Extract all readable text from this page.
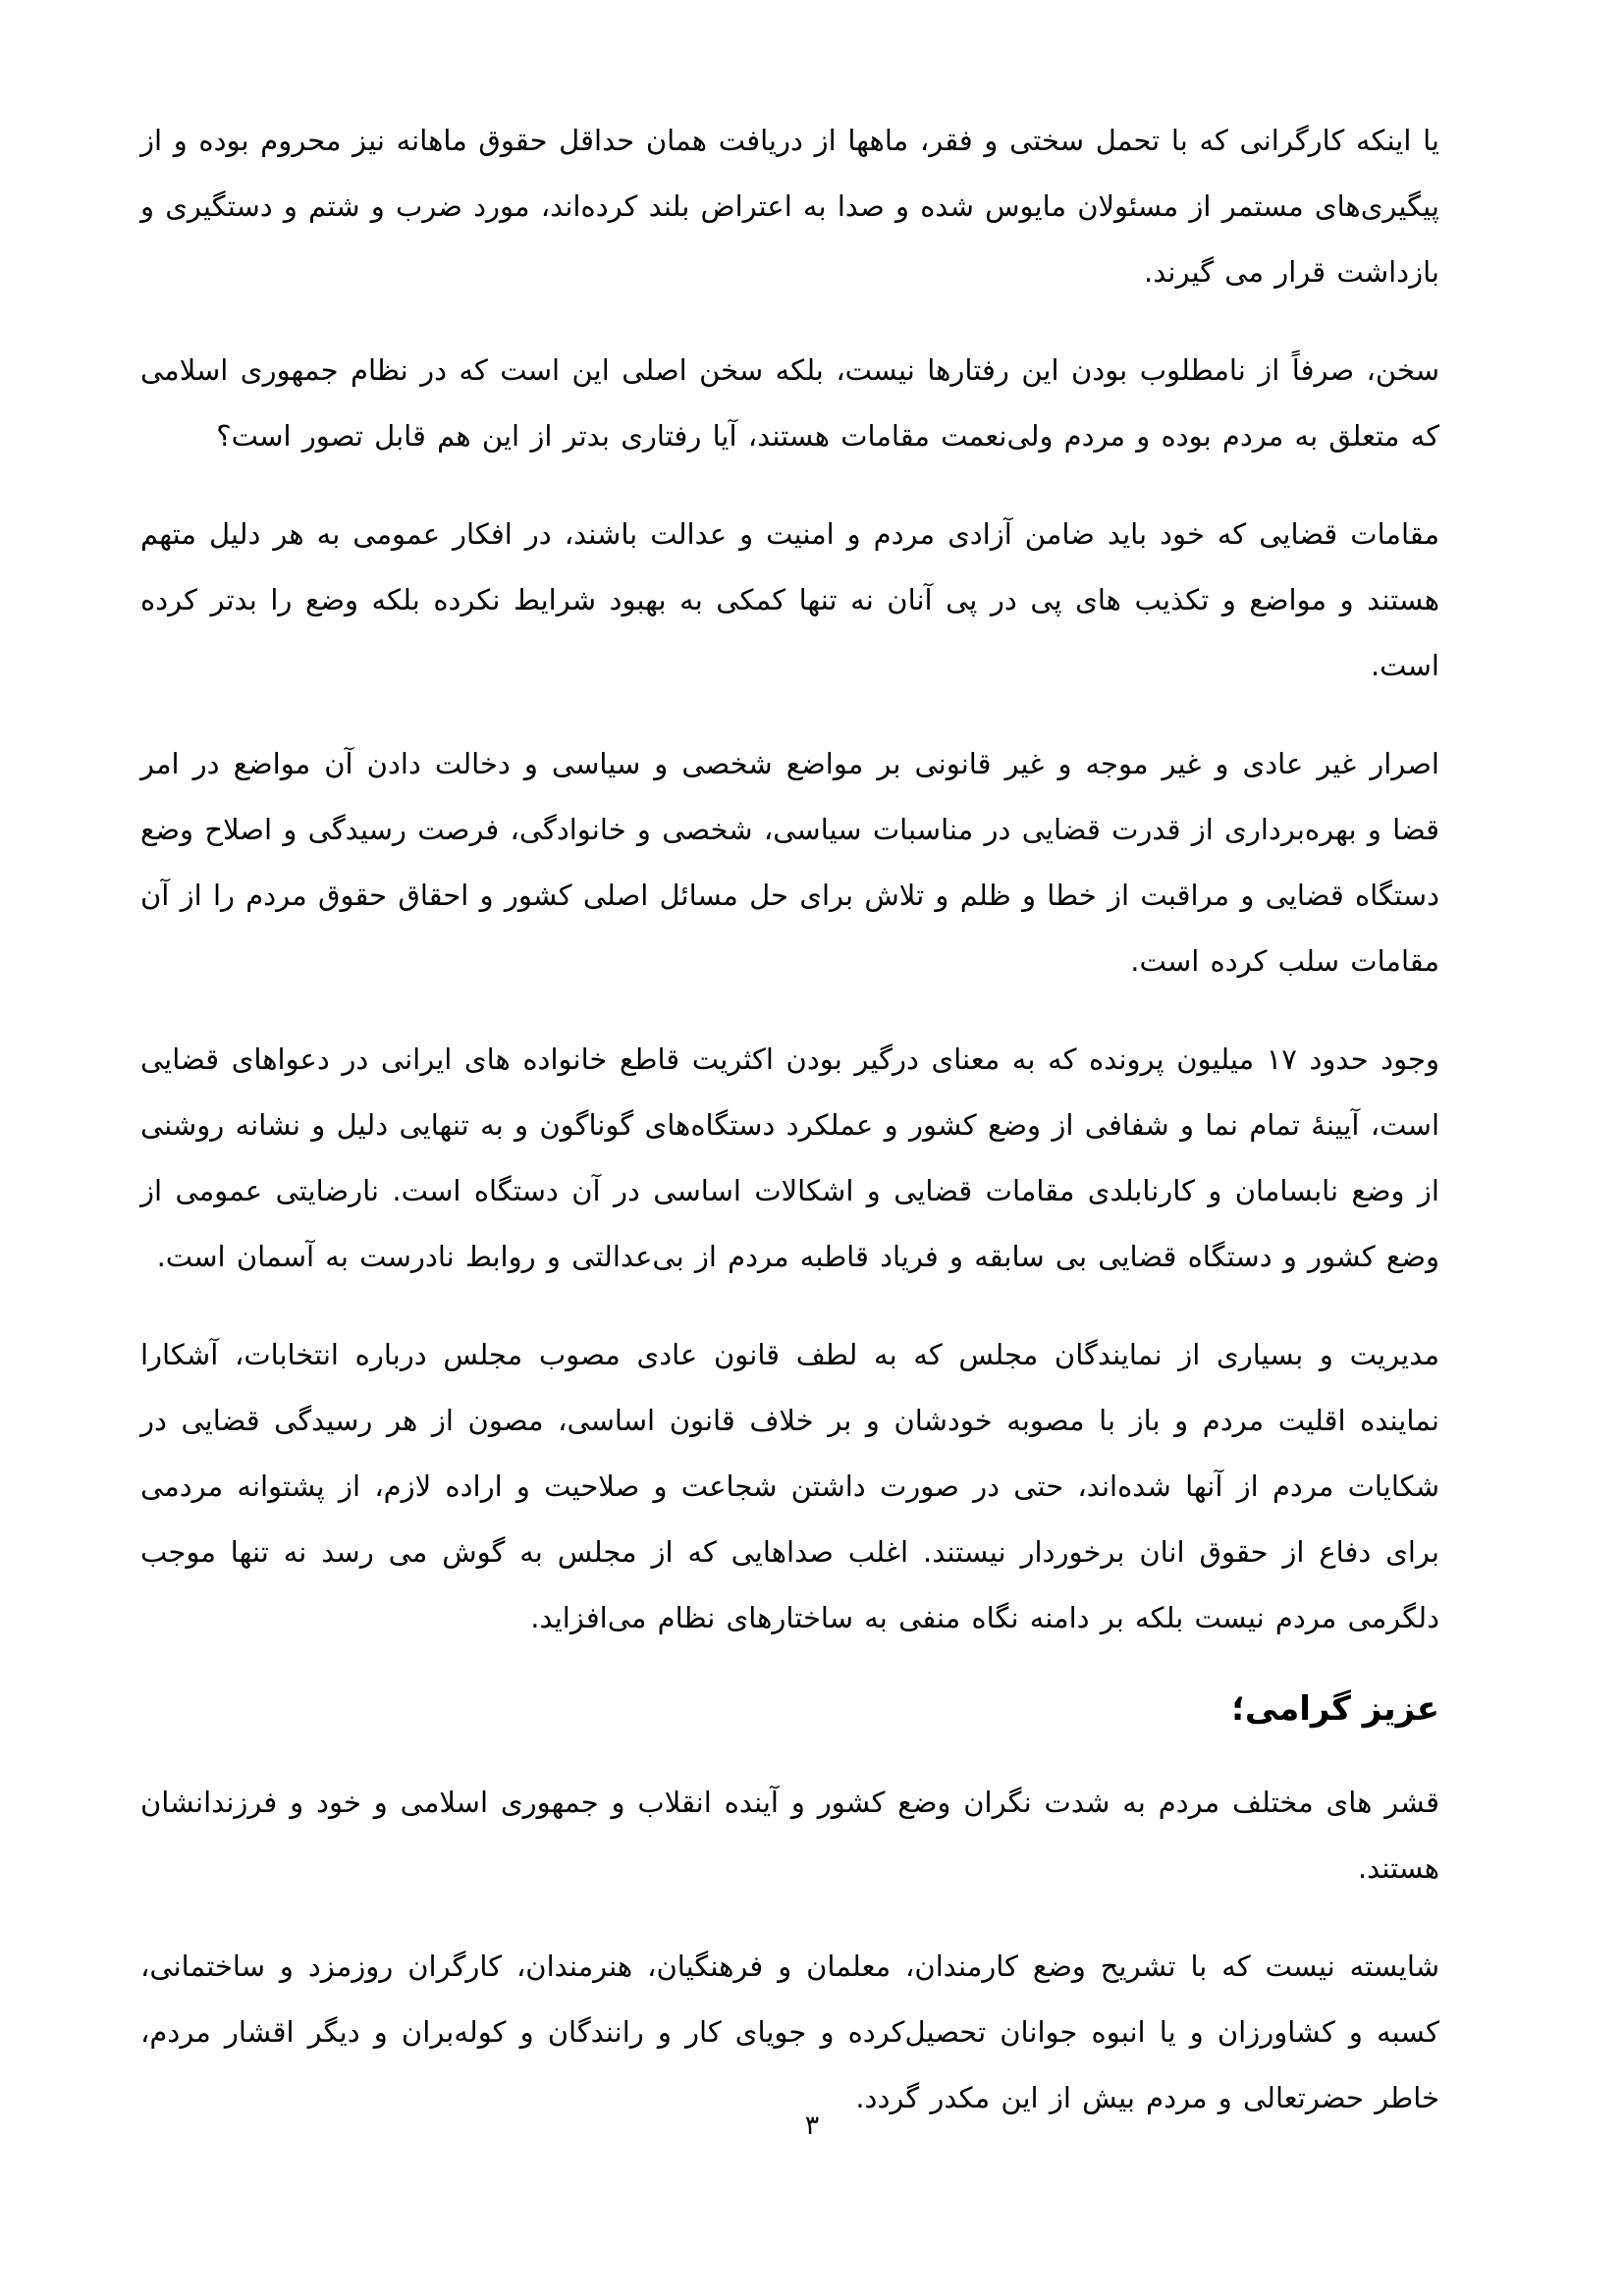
یا اینکه کارگرانی که با تحمل سختی و فقر، ماهها از دریافت همان حداقل حقوق ماهانه نیز محروم بوده و از پیگیری‌های مستمر از مسئولان مایوس شده و صدا به اعتراض بلند کرده‌اند، مورد ضرب و شتم و دستگیری و بازداشت قرار می گیرند.

سخن، صرفاً از نامطلوب بودن این رفتارها نیست، بلکه سخن اصلی این است که در نظام جمهوری اسلامی که متعلق به مردم بوده و مردم ولی‌نعمت مقامات هستند، آیا رفتاری بدتر از این هم قابل تصور است؟

مقامات قضایی که خود باید ضامن آزادی مردم و امنیت و عدالت باشند، در افکار عمومی به هر دلیل متهم هستند و مواضع و تکذیب های پی در پی آنان نه تنها کمکی به بهبود شرایط نکرده بلکه وضع را بدتر کرده است.

اصرار غیر عادی و غیر موجه و غیر قانونی بر مواضع شخصی و سیاسی و دخالت دادن آن مواضع در امر قضا و بهره‌برداری از قدرت قضایی در مناسبات سیاسی، شخصی و خانوادگی، فرصت رسیدگی و اصلاح وضع دستگاه قضایی و مراقبت از خطا و ظلم و تلاش برای حل مسائل اصلی کشور و احقاق حقوق مردم را از آن مقامات سلب کرده است.

وجود حدود ۱۷ میلیون پرونده که به معنای درگیر بودن اکثریت قاطع خانواده های ایرانی در دعواهای قضایی است، آیینۀ تمام نما و شفافی از وضع کشور و عملکرد دستگاه‌های گوناگون و به تنهایی دلیل و نشانه روشنی از وضع نابسامان و کارنابلدی مقامات قضایی و اشکالات اساسی در آن دستگاه است. نارضایتی عمومی از وضع کشور و دستگاه قضایی بی سابقه و فریاد قاطبه مردم از بی‌عدالتی و روابط نادرست به آسمان است.

مدیریت و بسیاری از نمایندگان مجلس که به لطف قانون عادی مصوب مجلس درباره انتخابات، آشکارا نماینده اقلیت مردم و باز با مصوبه خودشان و بر خلاف قانون اساسی، مصون از هر رسیدگی قضایی در شکایات مردم از آنها شده‌اند، حتی در صورت داشتن شجاعت و صلاحیت و اراده لازم، از پشتوانه مردمی برای دفاع از حقوق انان برخوردار نیستند. اغلب صداهایی که از مجلس به گوش می رسد نه تنها موجب دلگرمی مردم نیست بلکه بر دامنه نگاه منفی به ساختارهای نظام می‌افزاید.

عزیز گرامی؛

قشر های مختلف مردم به شدت نگران وضع کشور و آینده انقلاب و جمهوری اسلامی و خود و فرزندانشان هستند.

شایسته نیست که با تشریح وضع کارمندان، معلمان و فرهنگیان، هنرمندان، کارگران روزمزد و ساختمانی، کسبه و کشاورزان و یا انبوه جوانان تحصیل‌کرده و جویای کار و رانندگان و کوله‌بران و دیگر اقشار مردم، خاطر حضرتعالی و مردم بیش از این مکدر گردد.

۳
